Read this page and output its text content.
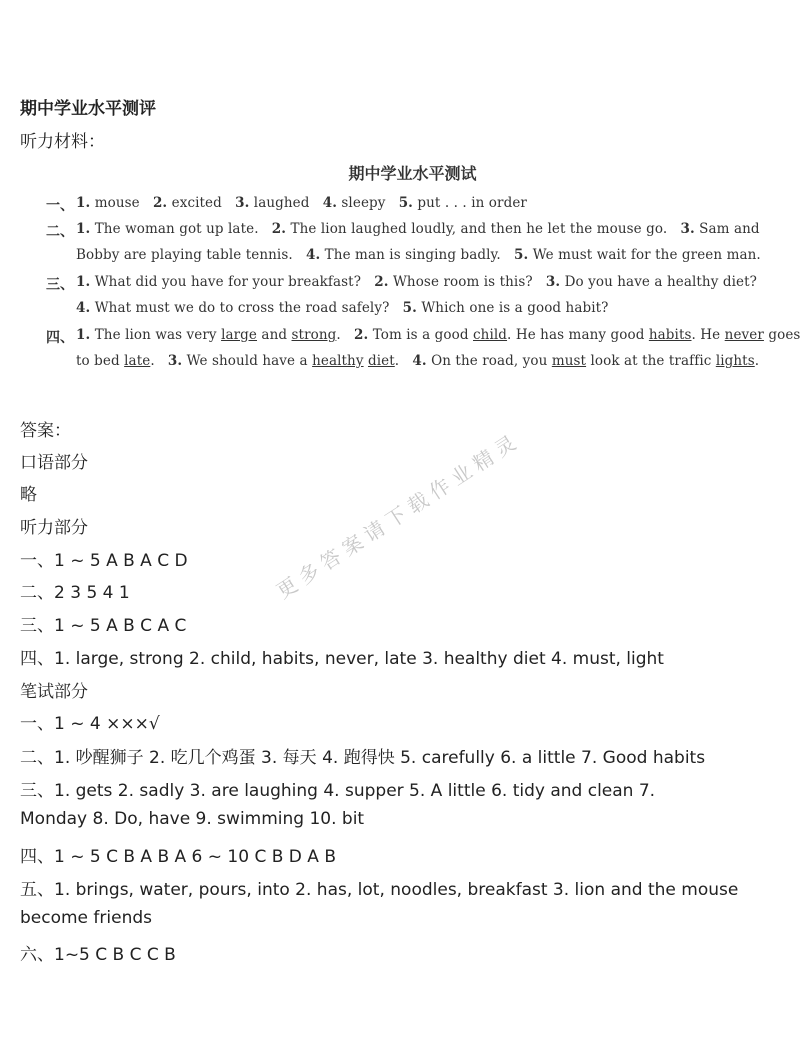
期中学业水平测评
听力材料：
期中学业水平测试
一、 1. mouse 2. excited 3. laughed 4. sleepy 5. put . . . in order
二、 1. The woman got up late. 2. The lion laughed loudly, and then he let the mouse go. 3. Sam and
Bobby are playing table tennis. 4. The man is singing badly. 5. We must wait for the green man.
三、 1. What did you have for your breakfast? 2. Whose room is this? 3. Do you have a healthy diet?
4. What must we do to cross the road safely? 5. Which one is a good habit?
四、 1. The lion was very large and strong. 2. Tom is a good child. He has many good habits. He never goes
to bed late. 3. We should have a healthy diet. 4. On the road, you must look at the traffic lights.
答案：
口语部分
略
听力部分
一、1 ~ 5 A B A C D
二、2 3 5 4 1
三、1 ~ 5 A B C A C
四、1. large, strong 2. child, habits, never, late 3. healthy diet 4. must, light
笔试部分
一、1 ~ 4 ×××√
二、1. 吵醒狮子 2. 吃几个鸡蛋 3. 每天 4. 跑得快 5. carefully 6. a little 7. Good habits
三、1. gets 2. sadly 3. are laughing 4. supper 5. A little 6. tidy and clean 7.
Monday 8. Do, have 9. swimming 10. bit
四、1 ~ 5 C B A B A 6 ~ 10 C B D A B
五、1. brings, water, pours, into 2. has, lot, noodles, breakfast 3. lion and the mouse
become friends
六、1~5 C B C C B
更多答案请下载作业精灵
